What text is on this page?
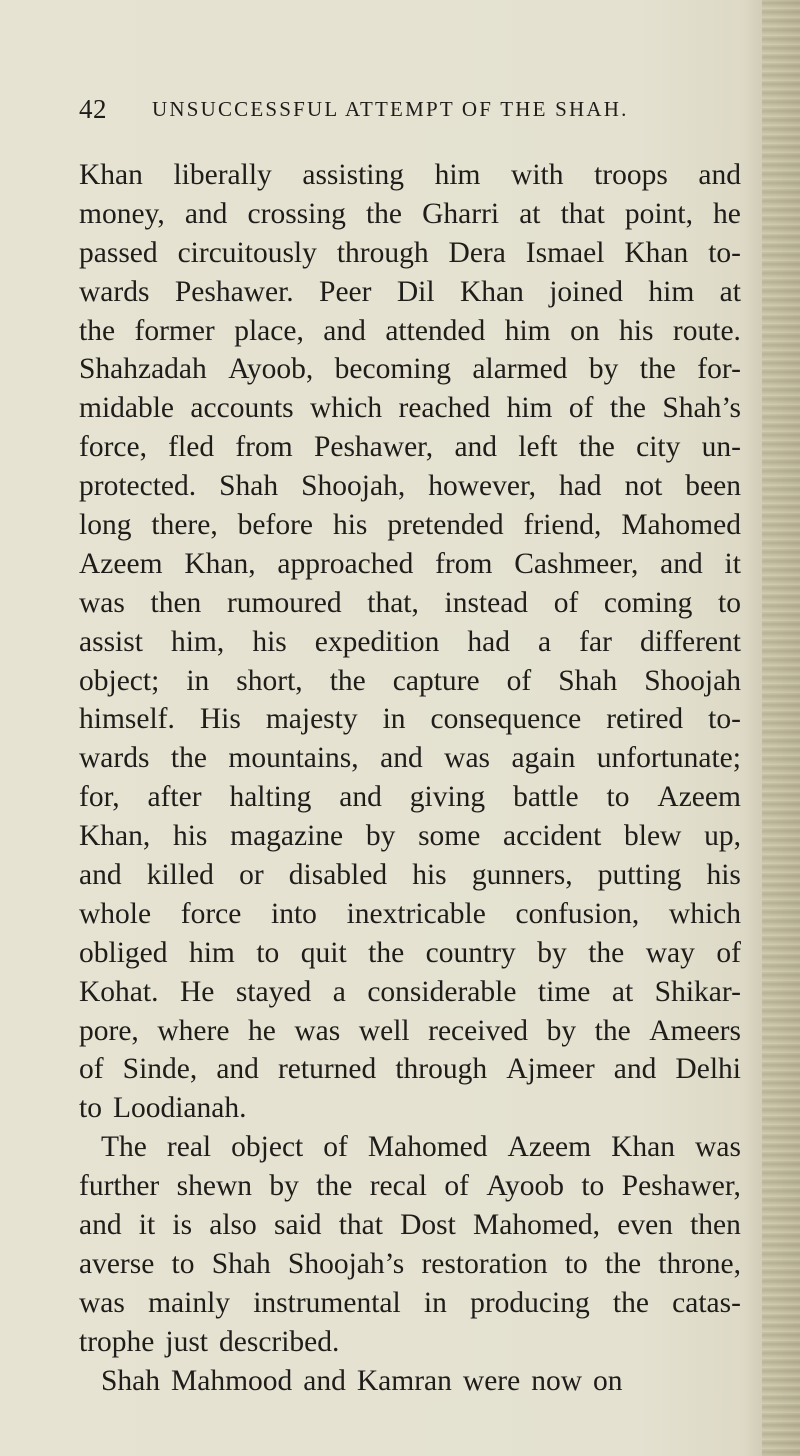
42 UNSUCCESSFUL ATTEMPT OF THE SHAH.
Khan liberally assisting him with troops and
money, and crossing the Gharri at that point, he
passed circuitously through Dera Ismael Khan to-
wards Peshawer. Peer Dil Khan joined him at
the former place, and attended him on his route.
Shahzadah Ayoob, becoming alarmed by the for-
midable accounts which reached him of the Shah’s
force, fled from Peshawer, and left the city un-
protected. Shah Shoojah, however, had not been
long there, before his pretended friend, Mahomed
Azeem Khan, approached from Cashmeer, and it
was then rumoured that, instead of coming to
assist him, his expedition had a far different
object; in short, the capture of Shah Shoojah
himself. His majesty in consequence retired to-
wards the mountains, and was again unfortunate;
for, after halting and giving battle to Azeem
Khan, his magazine by some accident blew up,
and killed or disabled his gunners, putting his
whole force into inextricable confusion, which
obliged him to quit the country by the way of
Kohat. He stayed a considerable time at Shikar-
pore, where he was well received by the Ameers
of Sinde, and returned through Ajmeer and Delhi
to Loodianah.
The real object of Mahomed Azeem Khan was
further shewn by the recal of Ayoob to Peshawer,
and it is also said that Dost Mahomed, even then
averse to Shah Shoojah’s restoration to the throne,
was mainly instrumental in producing the catas-
trophe just described.
Shah Mahmood and Kamran were now on
